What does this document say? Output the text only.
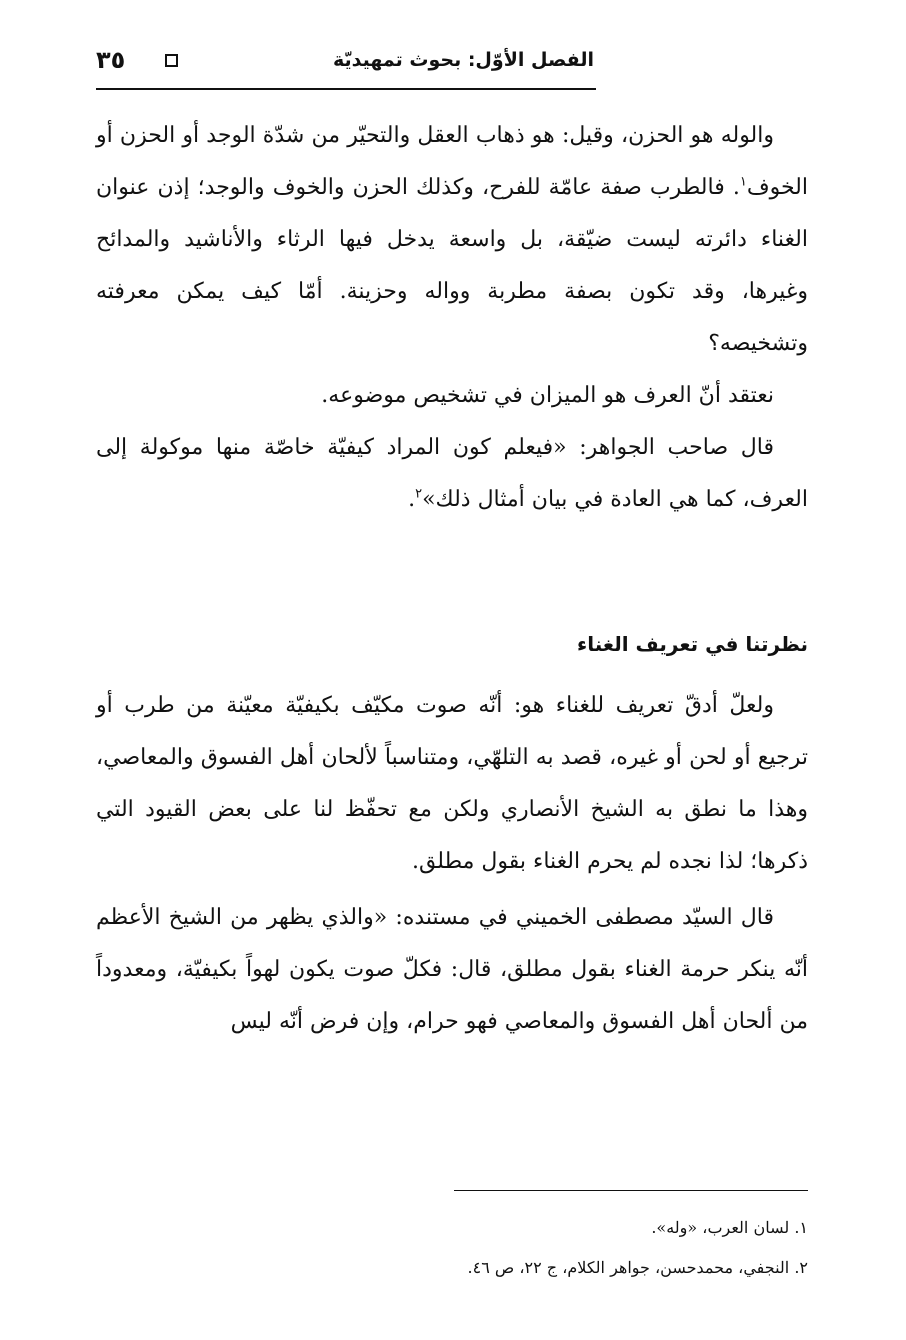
الفصل الأوّل: بحوث تمهيديّة
٣٥

والوله هو الحزن، وقيل: هو ذهاب العقل والتحيّر من شدّة الوجد أو الحزن أو الخوف$^١$. فالطرب صفة عامّة للفرح، وكذلك الحزن والخوف والوجد؛ إذن عنوان الغناء دائرته ليست ضيّقة، بل واسعة يدخل فيها الرثاء والأناشيد والمدائح وغيرها، وقد تكون بصفة مطربة وواله وحزينة. أمّا كيف يمكن معرفته وتشخيصه؟

نعتقد أنّ العرف هو الميزان في تشخيص موضوعه.

قال صاحب الجواهر: «فيعلم كون المراد كيفيّة خاصّة منها موكولة إلى العرف، كما هي العادة في بيان أمثال ذلك»$^٢$.

نظرتنا في تعريف الغناء

ولعلّ أدقّ تعريف للغناء هو: أنّه صوت مكيّف بكيفيّة معيّنة من طرب أو ترجيع أو لحن أو غيره، قصد به التلهّي، ومتناسباً لألحان أهل الفسوق والمعاصي، وهذا ما نطق به الشيخ الأنصاري ولكن مع تحفّظ لنا على بعض القيود التي ذكرها؛ لذا نجده لم يحرم الغناء بقول مطلق.

قال السيّد مصطفى الخميني في مستنده: «والذي يظهر من الشيخ الأعظم أنّه ينكر حرمة الغناء بقول مطلق، قال: فكلّ صوت يكون لهواً بكيفيّة، ومعدوداً من ألحان أهل الفسوق والمعاصي فهو حرام، وإن فرض أنّه ليس

١. لسان العرب، «وله».

٢. النجفي، محمدحسن، جواهر الكلام، ج ٢٢، ص ٤٦.
